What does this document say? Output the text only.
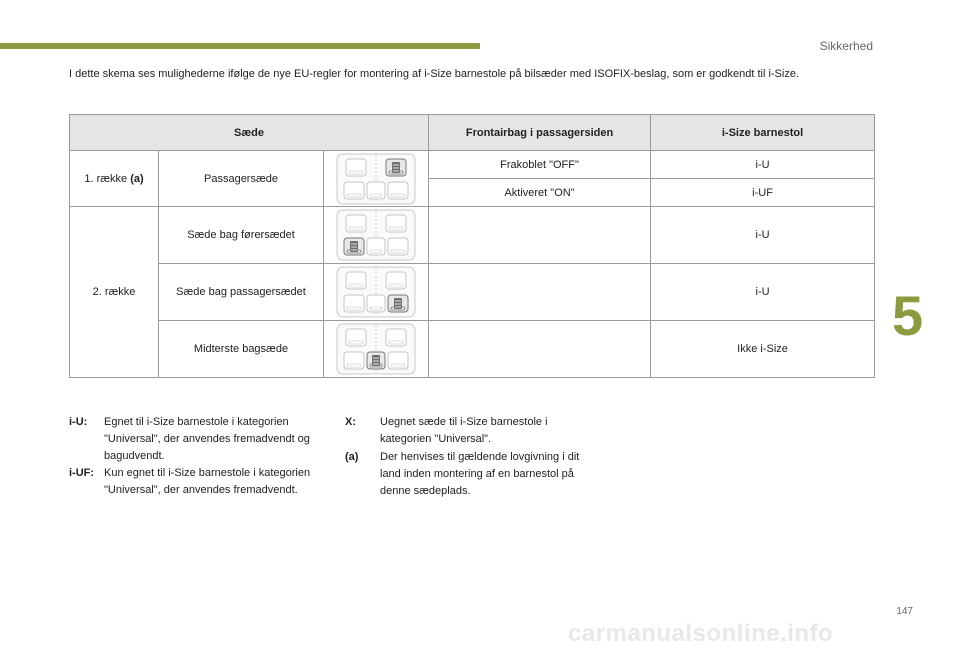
Sikkerhed
I dette skema ses mulighederne ifølge de nye EU-regler for montering af i-Size barnestole på bilsæder med ISOFIX-beslag, som er godkendt til i-Size.
Sæde			Frontairbag i passagersiden	i-Size barnestol
1. række (a)	Passagersæde		Frakoblet "OFF"	i-U
			Aktiveret "ON"	i-UF
2. række	Sæde bag førersædet			i-U
	Sæde bag passagersædet			i-U
	Midterste bagsæde			Ikke i-Size
i-U: Egnet til i-Size barnestole i kategorien "Universal", der anvendes fremadvendt og bagudvendt.
i-UF: Kun egnet til i-Size barnestole i kategorien "Universal", der anvendes fremadvendt.
X: Uegnet sæde til i-Size barnestole i kategorien "Universal".
(a) Der henvises til gældende lovgivning i dit land inden montering af en barnestol på denne sædeplads.
5
147
carmanualsonline.info
